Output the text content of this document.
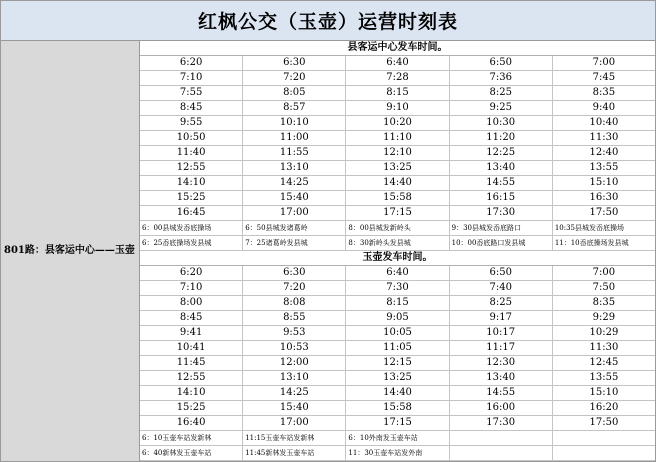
红枫公交（玉壶）运营时刻表
801路：县客运中心——玉壶
县客运中心发车时间。
6:20	6:30	6:40	6:50	7:00
7:10	7:20	7:28	7:36	7:45
7:55	8:05	8:15	8:25	8:35
8:45	8:57	9:10	9:25	9:40
9:55	10:10	10:20	10:30	10:40
10:50	11:00	11:10	11:20	11:30
11:40	11:55	12:10	12:25	12:40
12:55	13:10	13:25	13:40	13:55
14:10	14:25	14:40	14:55	15:10
15:25	15:40	15:58	16:15	16:30
16:45	17:00	17:15	17:30	17:50
6：00县城发岙底操场	6：50县城发诸葛岭	8：00县城发新岭头	9：30县城发岙底路口	10:35县城发岙底操场
6：25岙底操场发县城	7：25诸葛岭发县城	8：30新岭头发县城	10：00岙底路口发县城	11：10岙底操场发县城
玉壶发车时间。
6:20	6:30	6:40	6:50	7:00
7:10	7:20	7:30	7:40	7:50
8:00	8:08	8:15	8:25	8:35
8:45	8:55	9:05	9:17	9:29
9:41	9:53	10:05	10:17	10:29
10:41	10:53	11:05	11:17	11:30
11:45	12:00	12:15	12:30	12:45
12:55	13:10	13:25	13:40	13:55
14:10	14:25	14:40	14:55	15:10
15:25	15:40	15:58	16:00	16:20
16:40	17:00	17:15	17:30	17:50
6：10玉壶车站发新林	11:15玉壶车站发新林	6：10外南发玉壶车站
6：40新林发玉壶车站	11:45新林发玉壶车站	11：30玉壶车站发外南
